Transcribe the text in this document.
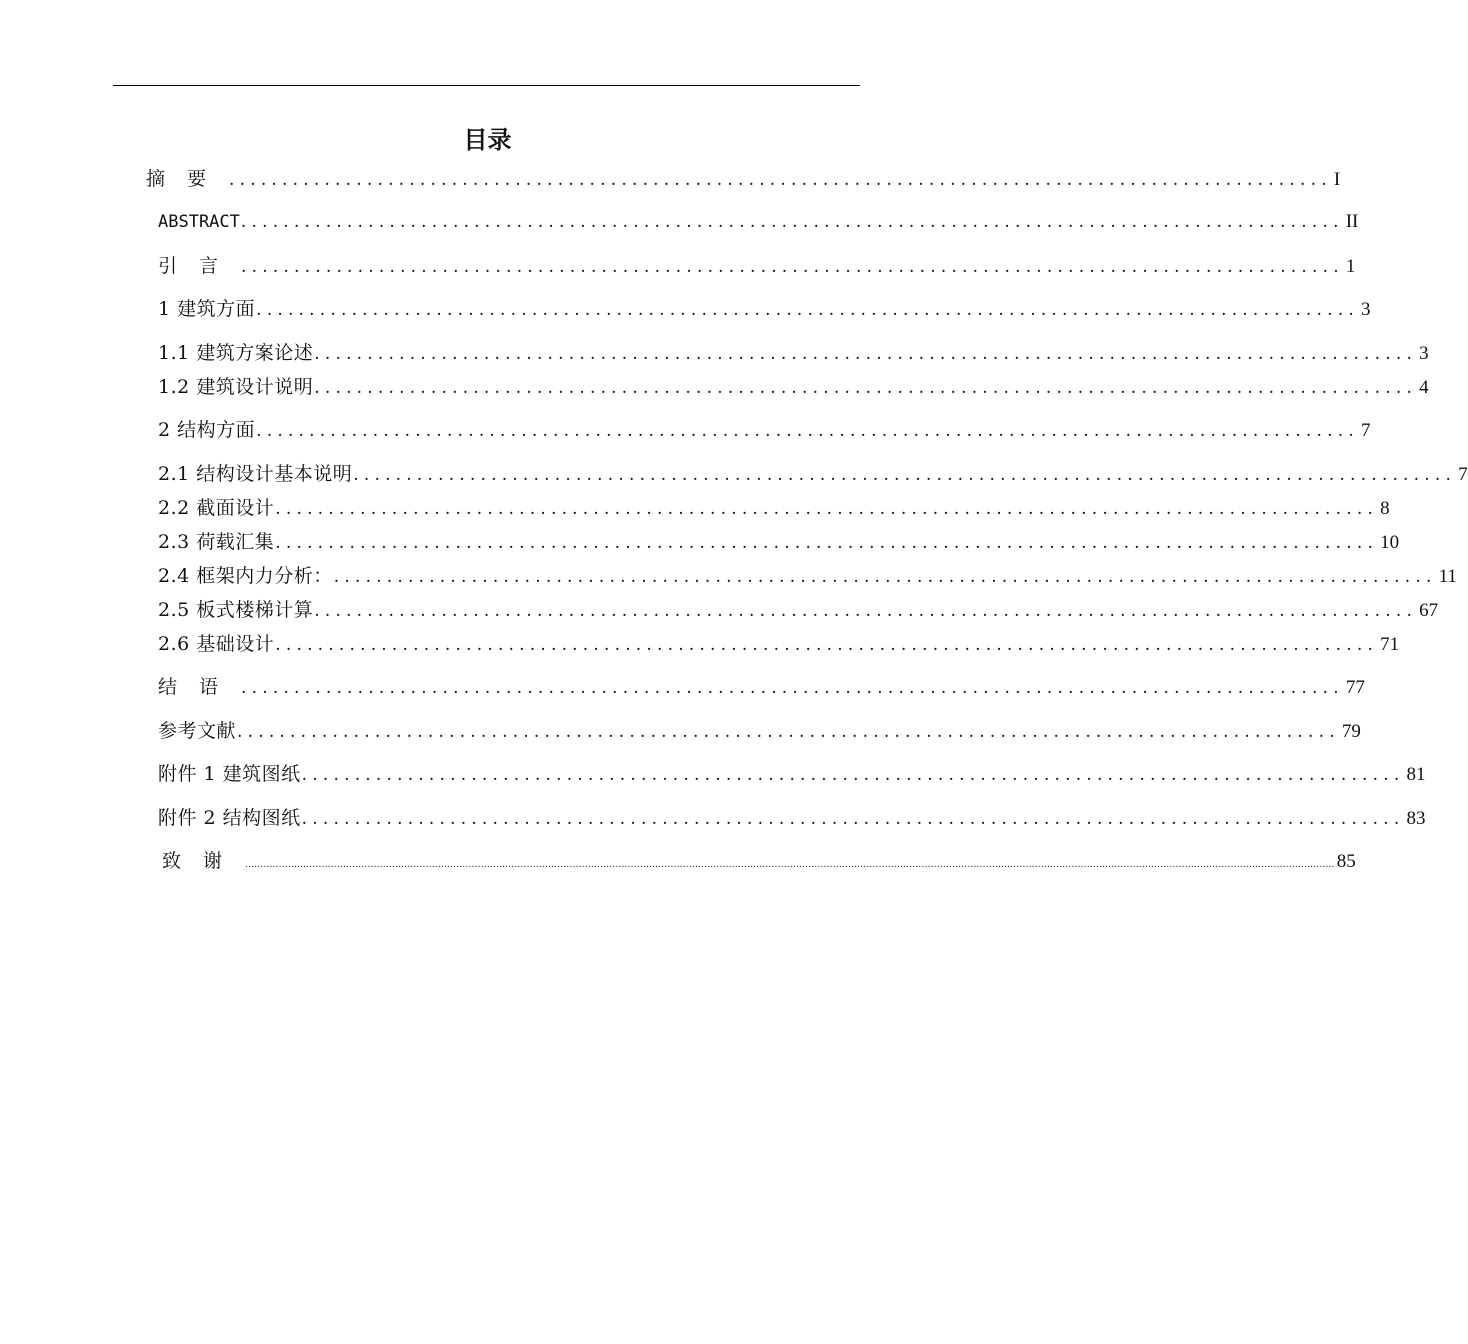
目录
摘要 ........................................................................................................ I
ABSTRACT ........................................................................................................ II
引言 ........................................................................................................ 1
1 建筑方面 ........................................................................................................ 3
1.1 建筑方案论述 ........................................................................................................ 3
1.2 建筑设计说明 ........................................................................................................ 4
2 结构方面 ........................................................................................................ 7
2.1 结构设计基本说明 ........................................................................................................ 7
2.2 截面设计 ........................................................................................................ 8
2.3 荷载汇集 ........................................................................................................ 10
2.4 框架内力分析： ........................................................................................................ 11
2.5 板式楼梯计算 ........................................................................................................ 67
2.6 基础设计 ........................................................................................................ 71
结语 ........................................................................................................ 77
参考文献 ........................................................................................................ 79
附件 1 建筑图纸 ........................................................................................................ 81
附件 2 结构图纸 ........................................................................................................ 83
致谢 .................................................................................................................................................................................................................................................................................................................................................................... 85
